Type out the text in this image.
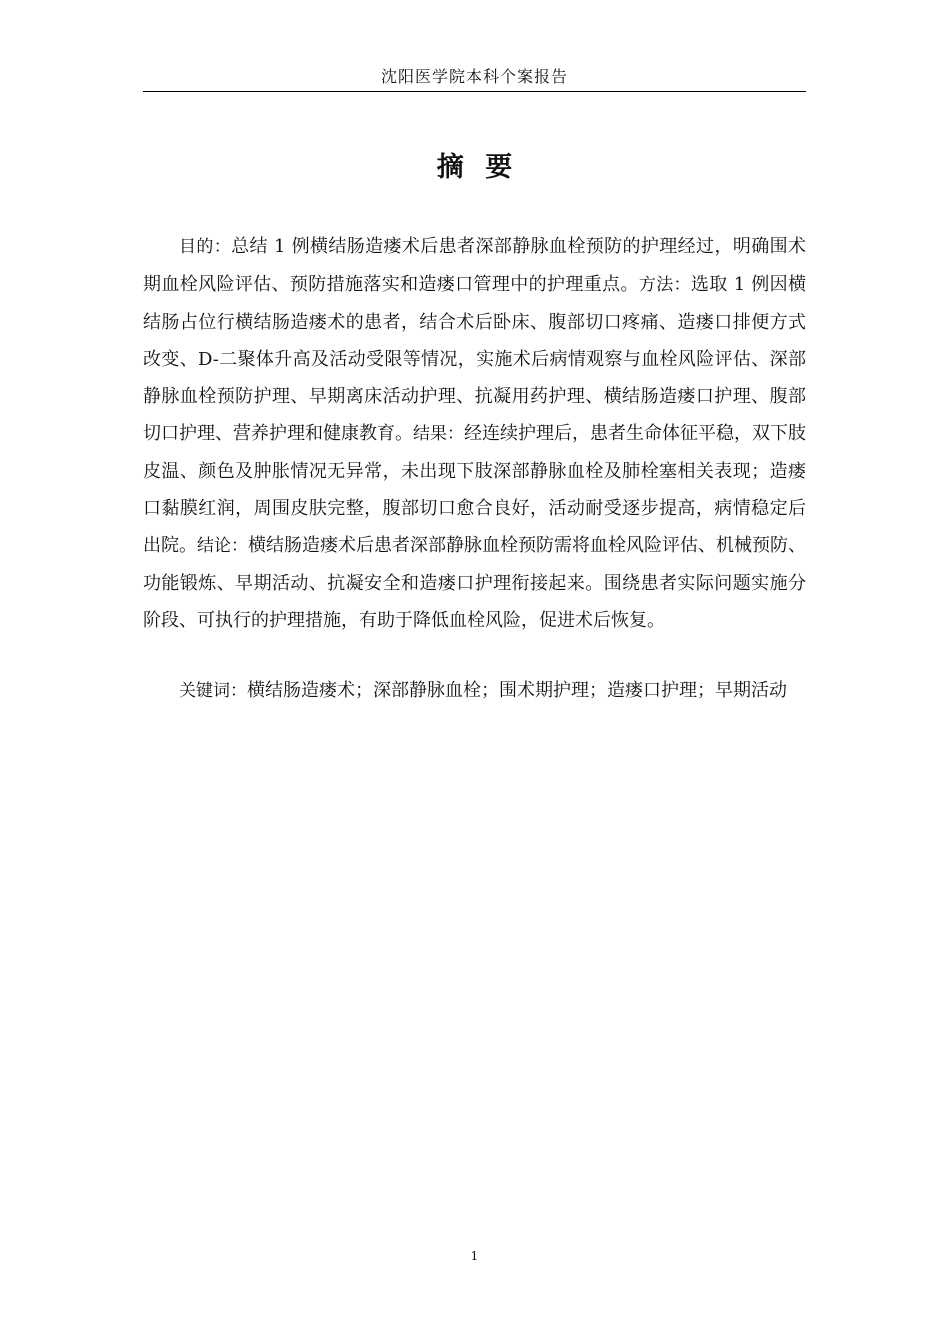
沈阳医学院本科个案报告
摘 要

目的：总结 1 例横结肠造瘘术后患者深部静脉血栓预防的护理经过，明确围术期血栓风险评估、预防措施落实和造瘘口管理中的护理重点。方法：选取 1 例因横结肠占位行横结肠造瘘术的患者，结合术后卧床、腹部切口疼痛、造瘘口排便方式改变、D-二聚体升高及活动受限等情况，实施术后病情观察与血栓风险评估、深部静脉血栓预防护理、早期离床活动护理、抗凝用药护理、横结肠造瘘口护理、腹部切口护理、营养护理和健康教育。结果：经连续护理后，患者生命体征平稳，双下肢皮温、颜色及肿胀情况无异常，未出现下肢深部静脉血栓及肺栓塞相关表现；造瘘口黏膜红润，周围皮肤完整，腹部切口愈合良好，活动耐受逐步提高，病情稳定后出院。结论：横结肠造瘘术后患者深部静脉血栓预防需将血栓风险评估、机械预防、功能锻炼、早期活动、抗凝安全和造瘘口护理衔接起来。围绕患者实际问题实施分阶段、可执行的护理措施，有助于降低血栓风险，促进术后恢复。

关键词：横结肠造瘘术；深部静脉血栓；围术期护理；造瘘口护理；早期活动

1
